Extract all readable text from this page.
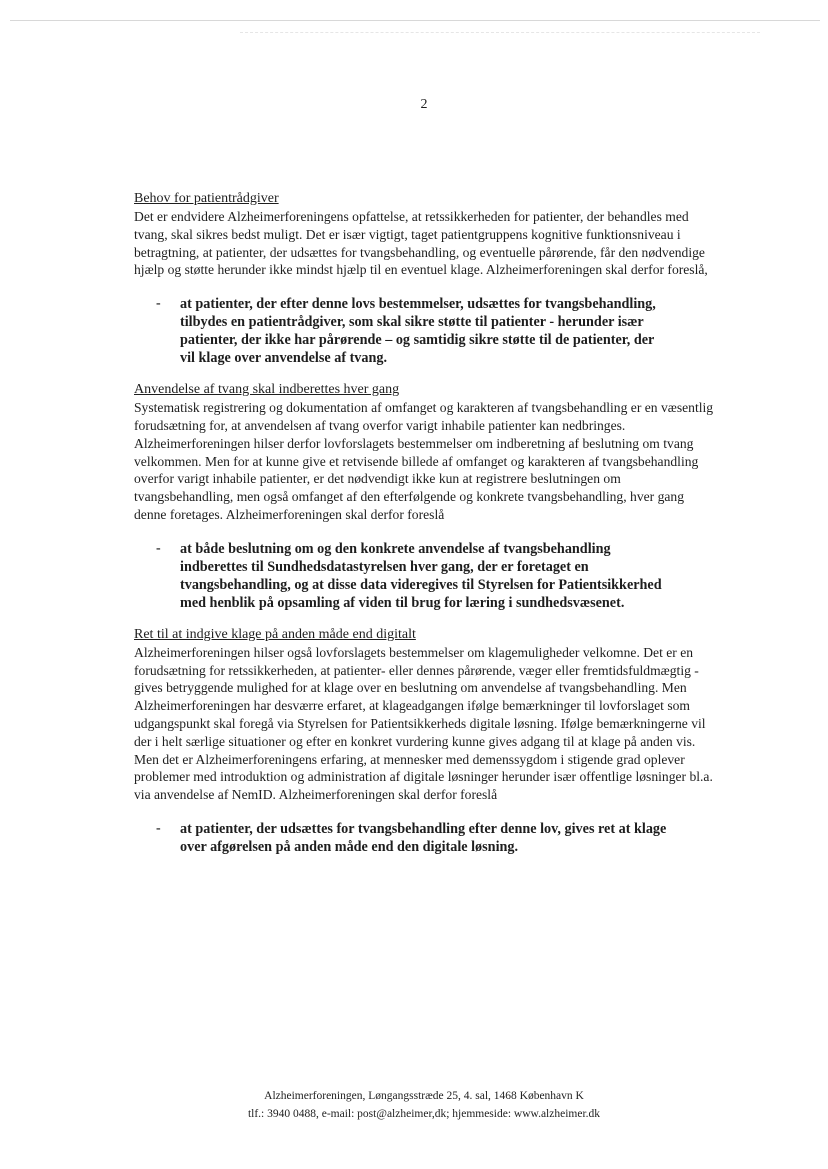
2

Behov for patientrådgiver

Det er endvidere Alzheimerforeningens opfattelse, at retssikkerheden for patienter, der behandles med tvang, skal sikres bedst muligt. Det er især vigtigt, taget patientgruppens kognitive funktionsniveau i betragtning, at patienter, der udsættes for tvangsbehandling, og eventuelle pårørende, får den nødvendige hjælp og støtte herunder ikke mindst hjælp til en eventuel klage. Alzheimerforeningen skal derfor foreslå,

-	at patienter, der efter denne lovs bestemmelser, udsættes for tvangsbehandling, tilbydes en patientrådgiver, som skal sikre støtte til patienter - herunder især patienter, der ikke har pårørende – og samtidig sikre støtte til de patienter, der vil klage over anvendelse af tvang.

Anvendelse af tvang skal indberettes hver gang

Systematisk registrering og dokumentation af omfanget og karakteren af tvangsbehandling er en væsentlig forudsætning for, at anvendelsen af tvang overfor varigt inhabile patienter kan nedbringes. Alzheimerforeningen hilser derfor lovforslagets bestemmelser om indberetning af beslutning om tvang velkommen. Men for at kunne give et retvisende billede af omfanget og karakteren af tvangsbehandling overfor varigt inhabile patienter, er det nødvendigt ikke kun at registrere beslutningen om tvangsbehandling, men også omfanget af den efterfølgende og konkrete tvangsbehandling, hver gang denne foretages. Alzheimerforeningen skal derfor foreslå

-	at både beslutning om og den konkrete anvendelse af tvangsbehandling indberettes til Sundhedsdatastyrelsen hver gang, der er foretaget en tvangsbehandling, og at disse data videregives til Styrelsen for Patientsikkerhed med henblik på opsamling af viden til brug for læring i sundhedsvæsenet.

Ret til at indgive klage på anden måde end digitalt

Alzheimerforeningen hilser også lovforslagets bestemmelser om klagemuligheder velkomne. Det er en forudsætning for retssikkerheden, at patienter- eller dennes pårørende, væger eller fremtidsfuldmægtig - gives betryggende mulighed for at klage over en beslutning om anvendelse af tvangsbehandling. Men Alzheimerforeningen har desværre erfaret, at klageadgangen ifølge bemærkninger til lovforslaget som udgangspunkt skal foregå via Styrelsen for Patientsikkerheds digitale løsning. Ifølge bemærkningerne vil der i helt særlige situationer og efter en konkret vurdering kunne gives adgang til at klage på anden vis. Men det er Alzheimerforeningens erfaring, at mennesker med demenssygdom i stigende grad oplever problemer med introduktion og administration af digitale løsninger herunder især offentlige løsninger bl.a. via anvendelse af NemID. Alzheimerforeningen skal derfor foreslå

-	at patienter, der udsættes for tvangsbehandling efter denne lov, gives ret at klage over afgørelsen på anden måde end den digitale løsning.
Alzheimerforeningen, Løngangsstræde 25, 4. sal, 1468 København K
tlf.: 3940 0488, e-mail: post@alzheimer,dk; hjemmeside: www.alzheimer.dk
